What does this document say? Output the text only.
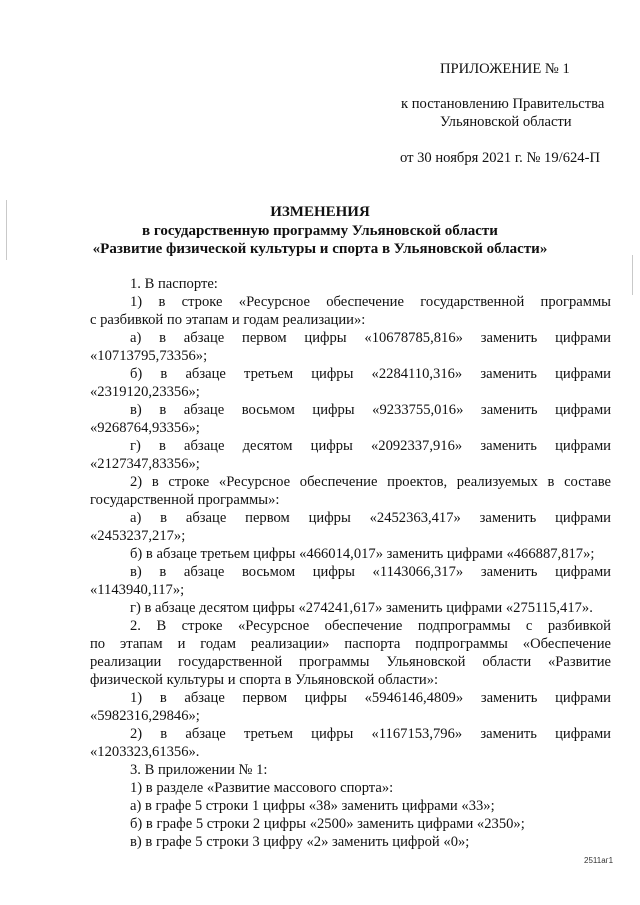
ПРИЛОЖЕНИЕ № 1
к постановлению Правительства
Ульяновской области
от 30 ноября 2021 г. № 19/624-П
ИЗМЕНЕНИЯ
в государственную программу Ульяновской области
«Развитие физической культуры и спорта в Ульяновской области»
1. В паспорте:
1) в строке «Ресурсное обеспечение государственной программы
с разбивкой по этапам и годам реализации»:
а) в абзаце первом цифры «10678785,816» заменить цифрами
«10713795,73356»;
б) в абзаце третьем цифры «2284110,316» заменить цифрами
«2319120,23356»;
в) в абзаце восьмом цифры «9233755,016» заменить цифрами
«9268764,93356»;
г) в абзаце десятом цифры «2092337,916» заменить цифрами
«2127347,83356»;
2) в строке «Ресурсное обеспечение проектов, реализуемых в составе
государственной программы»:
а) в абзаце первом цифры «2452363,417» заменить цифрами
«2453237,217»;
б) в абзаце третьем цифры «466014,017» заменить цифрами «466887,817»;
в) в абзаце восьмом цифры «1143066,317» заменить цифрами
«1143940,117»;
г) в абзаце десятом цифры «274241,617» заменить цифрами «275115,417».
2. В строке «Ресурсное обеспечение подпрограммы с разбивкой
по этапам и годам реализации» паспорта подпрограммы «Обеспечение
реализации государственной программы Ульяновской области «Развитие
физической культуры и спорта в Ульяновской области»:
1) в абзаце первом цифры «5946146,4809» заменить цифрами
«5982316,29846»;
2) в абзаце третьем цифры «1167153,796» заменить цифрами
«1203323,61356».
3. В приложении № 1:
1) в разделе «Развитие массового спорта»:
а) в графе 5 строки 1 цифры «38» заменить цифрами «33»;
б) в графе 5 строки 2 цифры «2500» заменить цифрами «2350»;
в) в графе 5 строки 3 цифру «2» заменить цифрой «0»;
2511аг1
